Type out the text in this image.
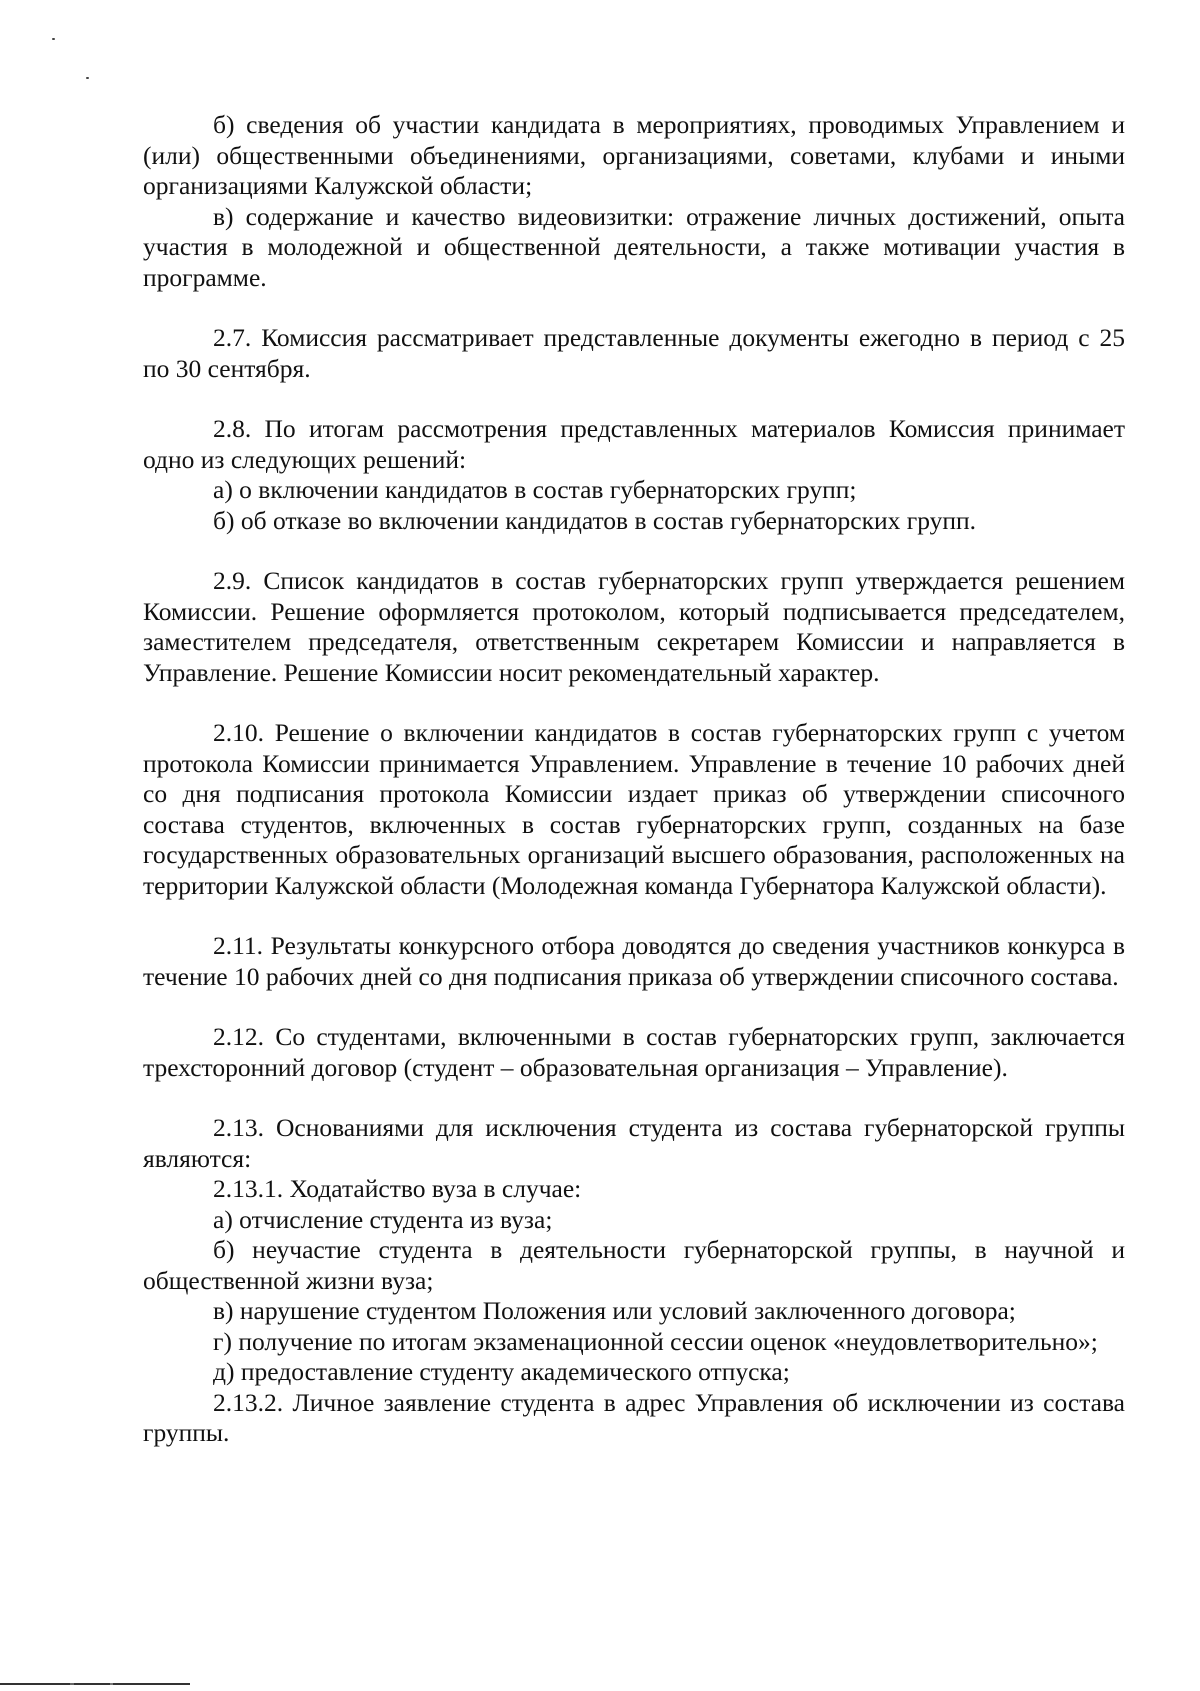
б) сведения об участии кандидата в мероприятиях, проводимых Управлением и (или) общественными объединениями, организациями, советами, клубами и иными организациями Калужской области;

в) содержание и качество видеовизитки: отражение личных достижений, опыта участия в молодежной и общественной деятельности, а также мотивации участия в программе.

2.7. Комиссия рассматривает представленные документы ежегодно в период с 25 по 30 сентября.

2.8. По итогам рассмотрения представленных материалов Комиссия принимает одно из следующих решений:

а) о включении кандидатов в состав губернаторских групп;

б) об отказе во включении кандидатов в состав губернаторских групп.

2.9. Список кандидатов в состав губернаторских групп утверждается решением Комиссии. Решение оформляется протоколом, который подписывается председателем, заместителем председателя, ответственным секретарем Комиссии и направляется в Управление. Решение Комиссии носит рекомендательный характер.

2.10. Решение о включении кандидатов в состав губернаторских групп с учетом протокола Комиссии принимается Управлением. Управление в течение 10 рабочих дней со дня подписания протокола Комиссии издает приказ об утверждении списочного состава студентов, включенных в состав губернаторских групп, созданных на базе государственных образовательных организаций высшего образования, расположенных на территории Калужской области (Молодежная команда Губернатора Калужской области).

2.11. Результаты конкурсного отбора доводятся до сведения участников конкурса в течение 10 рабочих дней со дня подписания приказа об утверждении списочного состава.

2.12. Со студентами, включенными в состав губернаторских групп, заключается трехсторонний договор (студент – образовательная организация – Управление).

2.13. Основаниями для исключения студента из состава губернаторской группы являются:

2.13.1. Ходатайство вуза в случае:

а) отчисление студента из вуза;

б) неучастие студента в деятельности губернаторской группы, в научной и общественной жизни вуза;

в) нарушение студентом Положения или условий заключенного договора;

г) получение по итогам экзаменационной сессии оценок «неудовлетворительно»;

д) предоставление студенту академического отпуска;

2.13.2. Личное заявление студента в адрес Управления об исключении из состава группы.
